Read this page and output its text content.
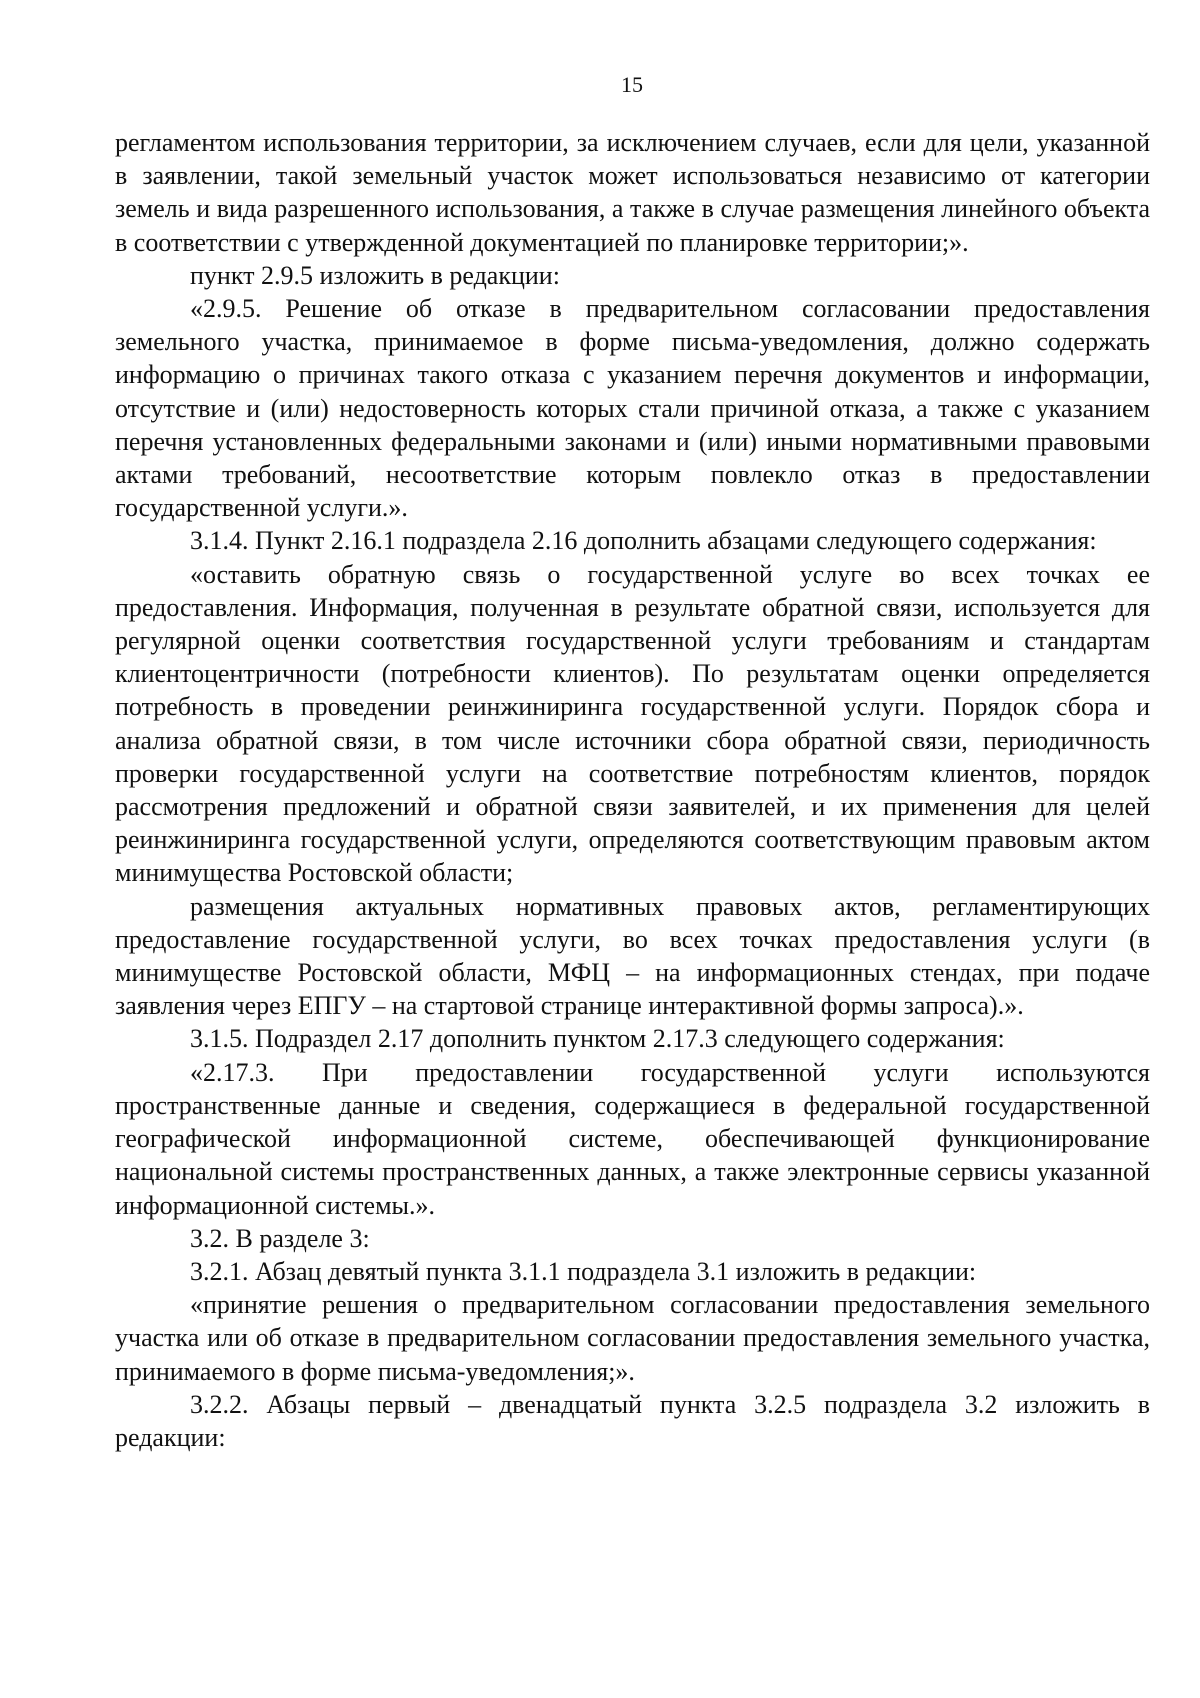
15

регламентом использования территории, за исключением случаев, если для цели, указанной в заявлении, такой земельный участок может использоваться независимо от категории земель и вида разрешенного использования, а также в случае размещения линейного объекта в соответствии с утвержденной документацией по планировке территории;».

пункт 2.9.5 изложить в редакции:

«2.9.5. Решение об отказе в предварительном согласовании предоставления земельного участка, принимаемое в форме письма-уведомления, должно содержать информацию о причинах такого отказа с указанием перечня документов и информации, отсутствие и (или) недостоверность которых стали причиной отказа, а также с указанием перечня установленных федеральными законами и (или) иными нормативными правовыми актами требований, несоответствие которым повлекло отказ в предоставлении государственной услуги.».

3.1.4. Пункт 2.16.1 подраздела 2.16 дополнить абзацами следующего содержания:

«оставить обратную связь о государственной услуге во всех точках ее предоставления. Информация, полученная в результате обратной связи, используется для регулярной оценки соответствия государственной услуги требованиям и стандартам клиентоцентричности (потребности клиентов). По результатам оценки определяется потребность в проведении реинжиниринга государственной услуги. Порядок сбора и анализа обратной связи, в том числе источники сбора обратной связи, периодичность проверки государственной услуги на соответствие потребностям клиентов, порядок рассмотрения предложений и обратной связи заявителей, и их применения для целей реинжиниринга государственной услуги, определяются соответствующим правовым актом минимущества Ростовской области;

размещения актуальных нормативных правовых актов, регламентирующих предоставление государственной услуги, во всех точках предоставления услуги (в минимуществе Ростовской области, МФЦ – на информационных стендах, при подаче заявления через ЕПГУ – на стартовой странице интерактивной формы запроса).».

3.1.5. Подраздел 2.17 дополнить пунктом 2.17.3 следующего содержания:

«2.17.3. При предоставлении государственной услуги используются пространственные данные и сведения, содержащиеся в федеральной государственной географической информационной системе, обеспечивающей функционирование национальной системы пространственных данных, а также электронные сервисы указанной информационной системы.».

3.2. В разделе 3:

3.2.1. Абзац девятый пункта 3.1.1 подраздела 3.1 изложить в редакции:

«принятие решения о предварительном согласовании предоставления земельного участка или об отказе в предварительном согласовании предоставления земельного участка, принимаемого в форме письма-уведомления;».

3.2.2. Абзацы первый – двенадцатый пункта 3.2.5 подраздела 3.2 изложить в редакции:
